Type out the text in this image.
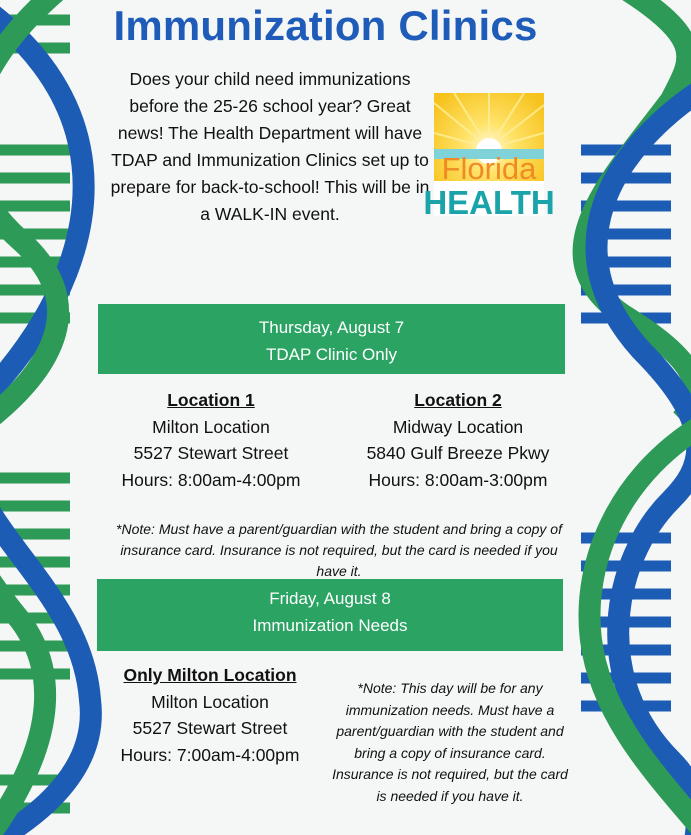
Immunization Clinics

Does your child need immunizations before the 25-26 school year? Great news! The Health Department will have TDAP and Immunization Clinics set up to prepare for back-to-school! This will be in a WALK-IN event.

Florida
HEALTH
Thursday, August 7
TDAP Clinic Only
Location 1
Milton Location
5527 Stewart Street
Hours: 8:00am-4:00pm
Location 2
Midway Location
5840 Gulf Breeze Pkwy
Hours: 8:00am-3:00pm

*Note: Must have a parent/guardian with the student and bring a copy of insurance card. Insurance is not required, but the card is needed if you have it.

Friday, August 8
Immunization Needs
Only Milton Location
Milton Location
5527 Stewart Street
Hours: 7:00am-4:00pm

*Note: This day will be for any immunization needs. Must have a parent/guardian with the student and bring a copy of insurance card. Insurance is not required, but the card is needed if you have it.
